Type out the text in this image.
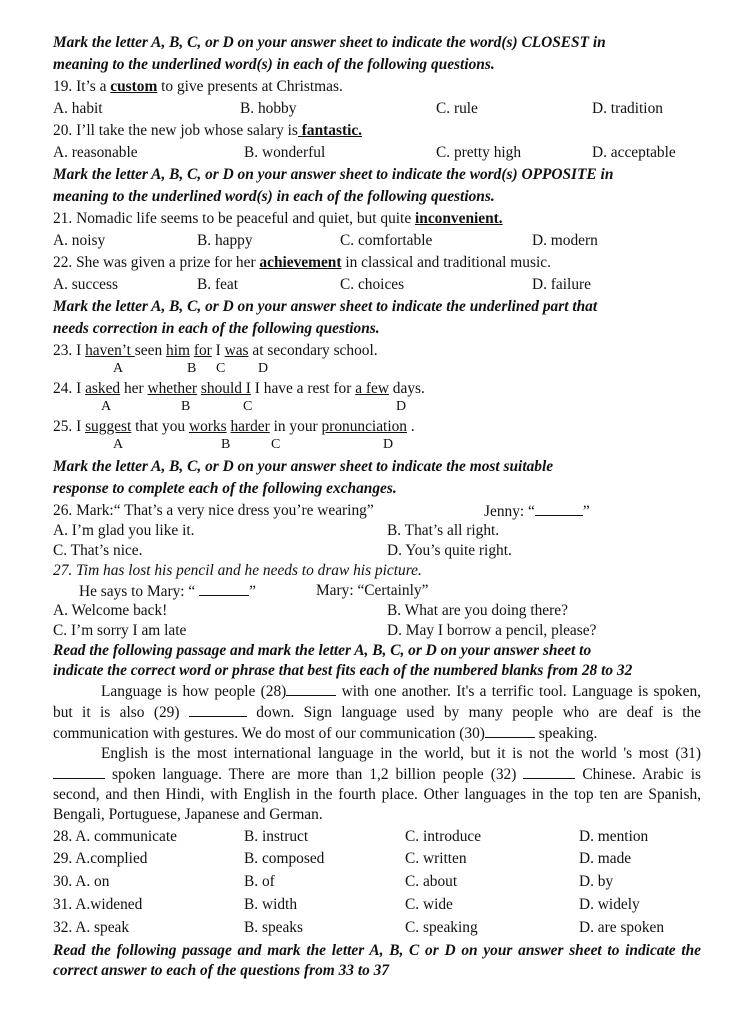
Mark the letter A, B, C, or D on your answer sheet to indicate the word(s) CLOSEST in
meaning to the underlined word(s) in each of the following questions.
19. It’s a custom to give presents at Christmas.
A. habit	B. hobby	C. rule	D. tradition
20. I’ll take the new job whose salary is fantastic.
A. reasonable	B. wonderful	C. pretty high	D. acceptable
Mark the letter A, B, C, or D on your answer sheet to indicate the word(s) OPPOSITE in
meaning to the underlined word(s) in each of the following questions.
21. Nomadic life seems to be peaceful and quiet, but quite inconvenient.
A. noisy	B. happy	C. comfortable	D. modern
22. She was given a prize for her achievement in classical and traditional music.
A. success	B. feat	C. choices	D. failure
Mark the letter A, B, C, or D on your answer sheet to indicate the underlined part that
needs correction in each of the following questions.
23. I haven’t seen him for I was at secondary school.
A	B C D
24. I asked her whether should I I have a rest for a few days.
A	B	C	D
25. I suggest that you works harder in your pronunciation .
A	B	C	D
Mark the letter A, B, C, or D on your answer sheet to indicate the most suitable
response to complete each of the following exchanges.
26. Mark:“ That’s a very nice dress you’re wearing”	Jenny: “	”
A. I’m glad you like it.	B. That’s all right.
C. That’s nice.	D. You’s quite right.
27. Tim has lost his pencil and he needs to draw his picture.
He says to Mary: “	”	Mary: “Certainly”
A. Welcome back!	B. What are you doing there?
C. I’m sorry I am late	D. May I borrow a pencil, please?
Read the following passage and mark the letter A, B, C, or D on your answer sheet to
indicate the correct word or phrase that best fits each of the numbered blanks from 28 to 32
Language is how people (28)	with one another. It's a terrific tool. Language is spoken, but it is also (29)	down. Sign language used by many people who are deaf is the communication with gestures. We do most of our communication (30)	speaking.
English is the most international language in the world, but it is not the world 's most (31)  spoken language. There are more than 1,2 billion people (32)	Chinese. Arabic is second, and then Hindi, with English in the fourth place. Other languages in the top ten are Spanish, Bengali, Portuguese, Japanese and German.
28. A. communicate	B. instruct	C. introduce	D. mention
29. A.complied	B. composed	C. written	D. made
30. A. on	B. of	C. about	D. by
31. A.widened	B. width	C. wide	D. widely
32. A. speak	B. speaks	C. speaking	D. are spoken
Read the following passage and mark the letter A, B, C or D on your answer sheet to indicate the correct answer to each of the questions from 33 to 37
